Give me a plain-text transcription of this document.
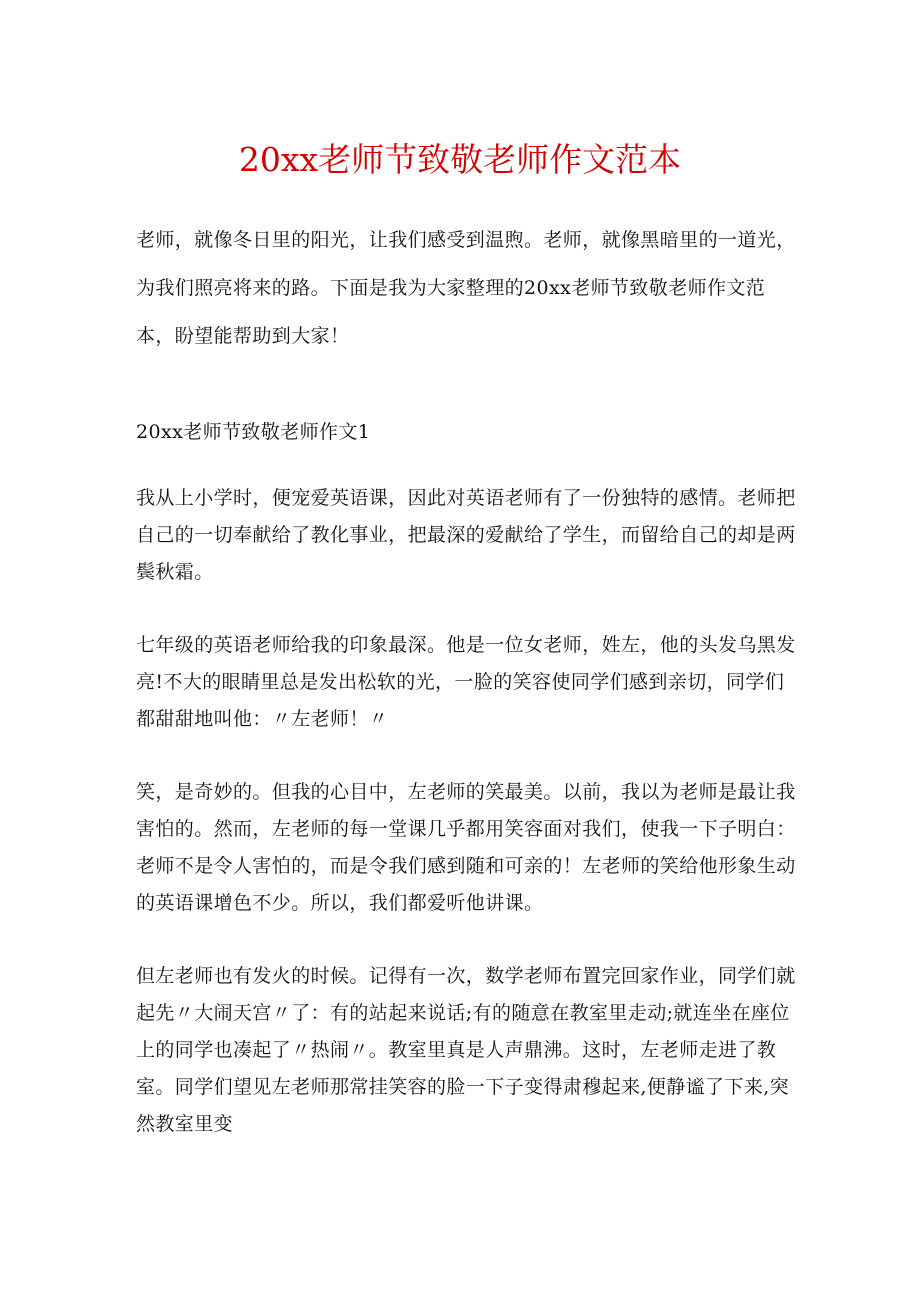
20xx老师节致敬老师作文范本

老师，就像冬日里的阳光，让我们感受到温煦。老师，就像黑暗里的一道光，为我们照亮将来的路。下面是我为大家整理的20xx老师节致敬老师作文范本，盼望能帮助到大家！

20xx老师节致敬老师作文1

我从上小学时，便宠爱英语课，因此对英语老师有了一份独特的感情。老师把自己的一切奉献给了教化事业，把最深的爱献给了学生，而留给自己的却是两鬓秋霜。

七年级的英语老师给我的印象最深。他是一位女老师，姓左，他的头发乌黑发亮!不大的眼睛里总是发出松软的光，一脸的笑容使同学们感到亲切，同学们都甜甜地叫他：〃左老师！〃

笑，是奇妙的。但我的心目中，左老师的笑最美。以前，我以为老师是最让我害怕的。然而，左老师的每一堂课几乎都用笑容面对我们，使我一下子明白：老师不是令人害怕的，而是令我们感到随和可亲的！左老师的笑给他形象生动的英语课增色不少。所以，我们都爱听他讲课。

但左老师也有发火的时候。记得有一次，数学老师布置完回家作业，同学们就起先〃大闹天宫〃了：有的站起来说话;有的随意在教室里走动;就连坐在座位上的同学也凑起了〃热闹〃。教室里真是人声鼎沸。这时，左老师走进了教室。同学们望见左老师那常挂笑容的脸一下子变得肃穆起来,便静谧了下来,突然教室里变
